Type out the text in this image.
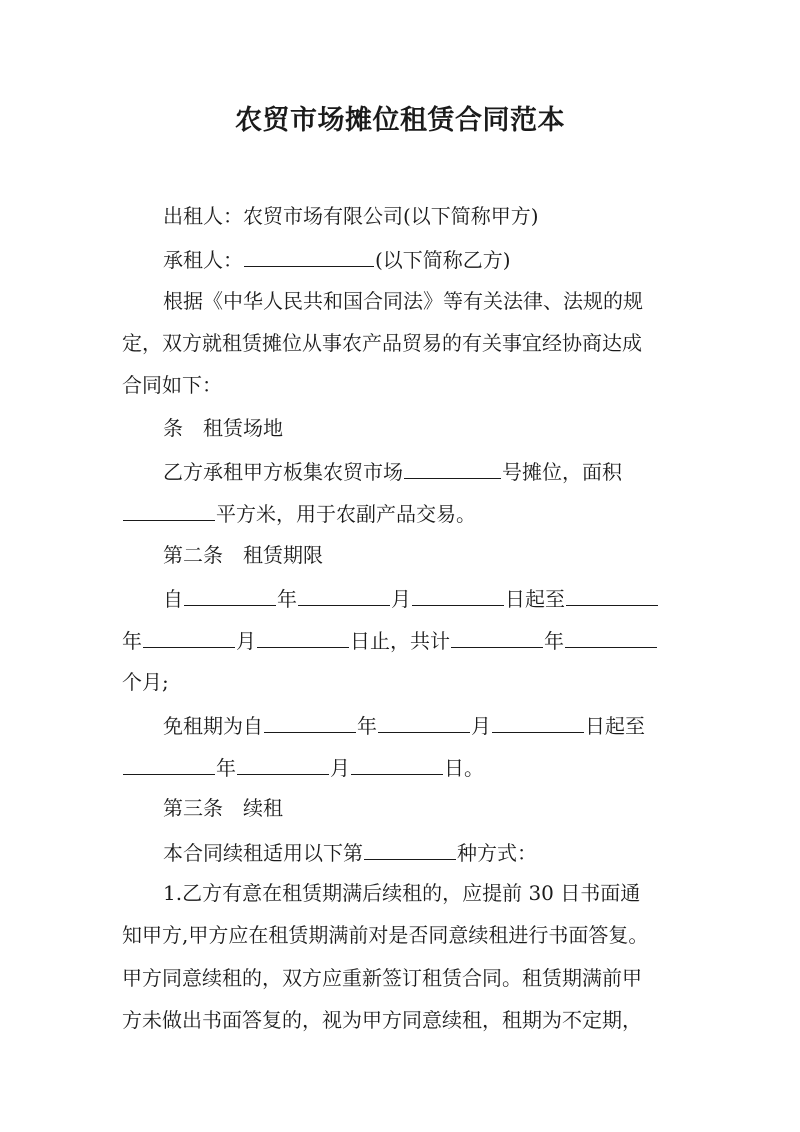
农贸市场摊位租赁合同范本
出租人：农贸市场有限公司(以下简称甲方)
承租人：	(以下简称乙方)
根据《中华人民共和国合同法》等有关法律、法规的规
定，双方就租赁摊位从事农产品贸易的有关事宜经协商达成
合同如下：
条　租赁场地
乙方承租甲方板集农贸市场	号摊位，面积
平方米，用于农副产品交易。
第二条　租赁期限
自	年	月	日起至
年	月	日止，共计	年
个月;
免租期为自	年	月	日起至
年	月	日。
第三条　续租
本合同续租适用以下第	种方式：
1.乙方有意在租赁期满后续租的，应提前 30 日书面通
知甲方,甲方应在租赁期满前对是否同意续租进行书面答复。
甲方同意续租的，双方应重新签订租赁合同。租赁期满前甲
方未做出书面答复的，视为甲方同意续租，租期为不定期，
